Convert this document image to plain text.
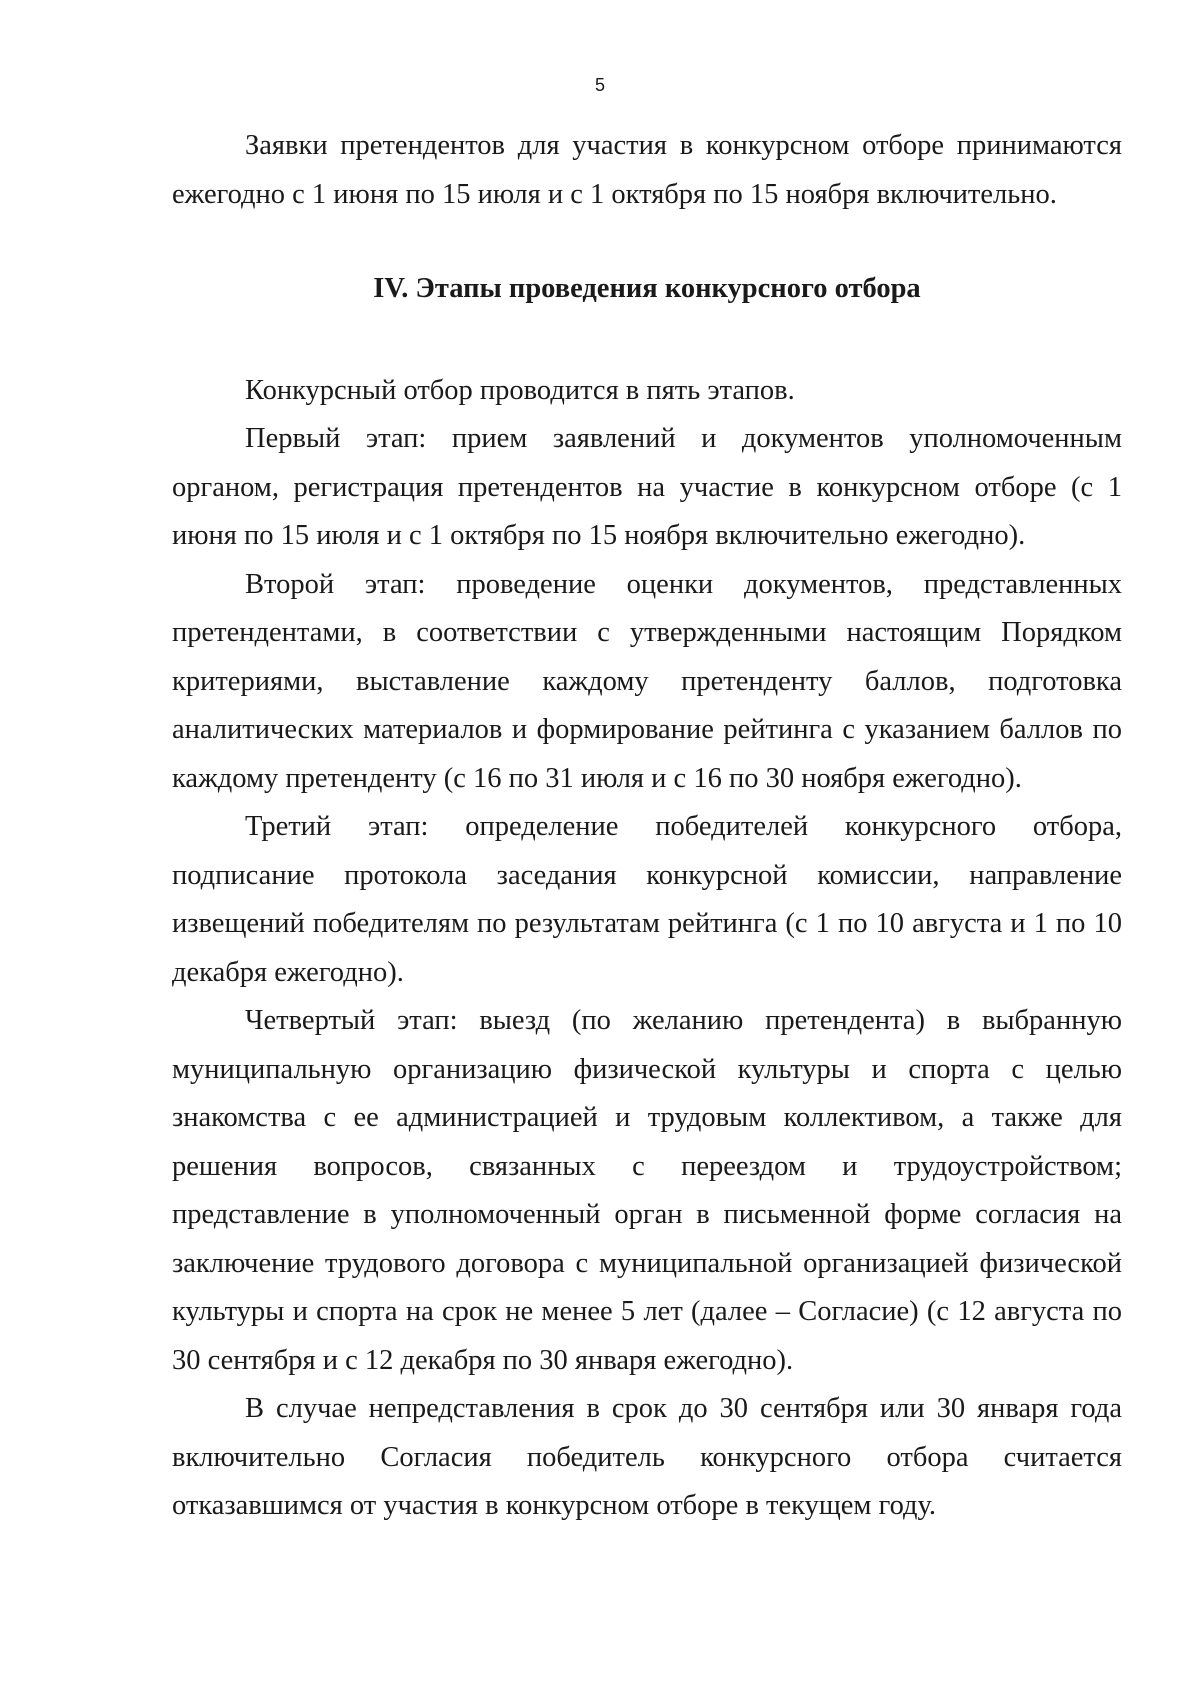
5

Заявки претендентов для участия в конкурсном отборе принимаются ежегодно с 1 июня по 15 июля и с 1 октября по 15 ноября включительно.

IV. Этапы проведения конкурсного отбора

Конкурсный отбор проводится в пять этапов.

Первый этап: прием заявлений и документов уполномоченным органом, регистрация претендентов на участие в конкурсном отборе (с 1 июня по 15 июля и с 1 октября по 15 ноября включительно ежегодно).

Второй этап: проведение оценки документов, представленных претендентами, в соответствии с утвержденными настоящим Порядком критериями, выставление каждому претенденту баллов, подготовка аналитических материалов и формирование рейтинга с указанием баллов по каждому претенденту (с 16 по 31 июля и с 16 по 30 ноября ежегодно).

Третий этап: определение победителей конкурсного отбора, подписание протокола заседания конкурсной комиссии, направление извещений победителям по результатам рейтинга (с 1 по 10 августа и 1 по 10 декабря ежегодно).

Четвертый этап: выезд (по желанию претендента) в выбранную муниципальную организацию физической культуры и спорта с целью знакомства с ее администрацией и трудовым коллективом, а также для решения вопросов, связанных с переездом и трудоустройством; представление в уполномоченный орган в письменной форме согласия на заключение трудового договора с муниципальной организацией физической культуры и спорта на срок не менее 5 лет (далее – Согласие) (с 12 августа по 30 сентября и с 12 декабря по 30 января ежегодно).

В случае непредставления в срок до 30 сентября или 30 января года включительно Согласия победитель конкурсного отбора считается отказавшимся от участия в конкурсном отборе в текущем году.
